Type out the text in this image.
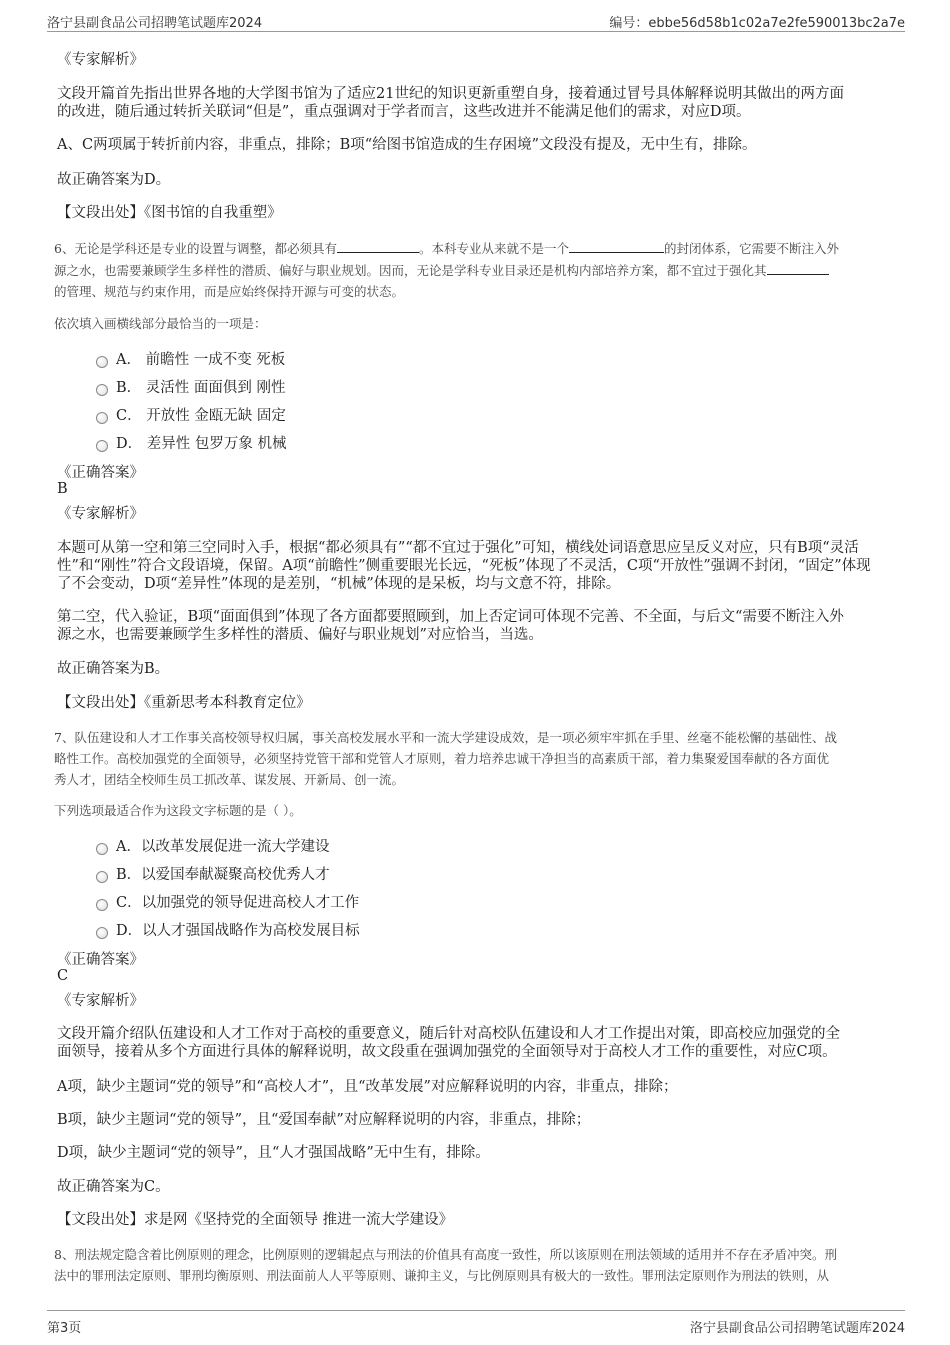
洛宁县副食品公司招聘笔试题库2024	编号：ebbe56d58b1c02a7e2fe590013bc2a7e
《专家解析》
文段开篇首先指出世界各地的大学图书馆为了适应21世纪的知识更新重塑自身，接着通过冒号具体解释说明其做出的两方面
的改进，随后通过转折关联词“但是”，重点强调对于学者而言，这些改进并不能满足他们的需求，对应D项。
A、C两项属于转折前内容，非重点，排除；B项“给图书馆造成的生存困境”文段没有提及，无中生有，排除。
故正确答案为D。
【文段出处】《图书馆的自我重塑》
6、无论是学科还是专业的设置与调整，都必须具有	。本科专业从来就不是一个	的封闭体系，它需要不断注入外
源之水，也需要兼顾学生多样性的潜质、偏好与职业规划。因而，无论是学科专业目录还是机构内部培养方案，都不宜过于强化其
的管理、规范与约束作用，而是应始终保持开源与可变的状态。
依次填入画横线部分最恰当的一项是：
A． 前瞻性 一成不变 死板
B． 灵活性 面面俱到 刚性
C． 开放性 金瓯无缺 固定
D． 差异性 包罗万象 机械
《正确答案》
B
《专家解析》
本题可从第一空和第三空同时入手，根据“都必须具有”“都不宜过于强化”可知，横线处词语意思应呈反义对应，只有B项“灵活
性”和“刚性”符合文段语境，保留。A项“前瞻性”侧重要眼光长远，“死板”体现了不灵活，C项“开放性”强调不封闭，“固定”体现
了不会变动，D项“差异性”体现的是差别，“机械”体现的是呆板，均与文意不符，排除。
第二空，代入验证，B项“面面俱到”体现了各方面都要照顾到，加上否定词可体现不完善、不全面，与后文“需要不断注入外
源之水，也需要兼顾学生多样性的潜质、偏好与职业规划”对应恰当，当选。
故正确答案为B。
【文段出处】《重新思考本科教育定位》
7、队伍建设和人才工作事关高校领导权归属，事关高校发展水平和一流大学建设成效，是一项必须牢牢抓在手里、丝毫不能松懈的基础性、战
略性工作。高校加强党的全面领导，必须坚持党管干部和党管人才原则，着力培养忠诚干净担当的高素质干部，着力集聚爱国奉献的各方面优
秀人才，团结全校师生员工抓改革、谋发展、开新局、创一流。
下列选项最适合作为这段文字标题的是（ ）。
A．以改革发展促进一流大学建设
B．以爱国奉献凝聚高校优秀人才
C．以加强党的领导促进高校人才工作
D．以人才强国战略作为高校发展目标
《正确答案》
C
《专家解析》
文段开篇介绍队伍建设和人才工作对于高校的重要意义，随后针对高校队伍建设和人才工作提出对策，即高校应加强党的全
面领导，接着从多个方面进行具体的解释说明，故文段重在强调加强党的全面领导对于高校人才工作的重要性，对应C项。
A项，缺少主题词“党的领导”和“高校人才”，且“改革发展”对应解释说明的内容，非重点，排除；
B项，缺少主题词“党的领导”，且“爱国奉献”对应解释说明的内容，非重点，排除；
D项，缺少主题词“党的领导”，且“人才强国战略”无中生有，排除。
故正确答案为C。
【文段出处】求是网《坚持党的全面领导 推进一流大学建设》
8、刑法规定隐含着比例原则的理念，比例原则的逻辑起点与刑法的价值具有高度一致性，所以该原则在刑法领域的适用并不存在矛盾冲突。刑
法中的罪刑法定原则、罪刑均衡原则、刑法面前人人平等原则、谦抑主义，与比例原则具有极大的一致性。罪刑法定原则作为刑法的铁则，从
第3页	洛宁县副食品公司招聘笔试题库2024
